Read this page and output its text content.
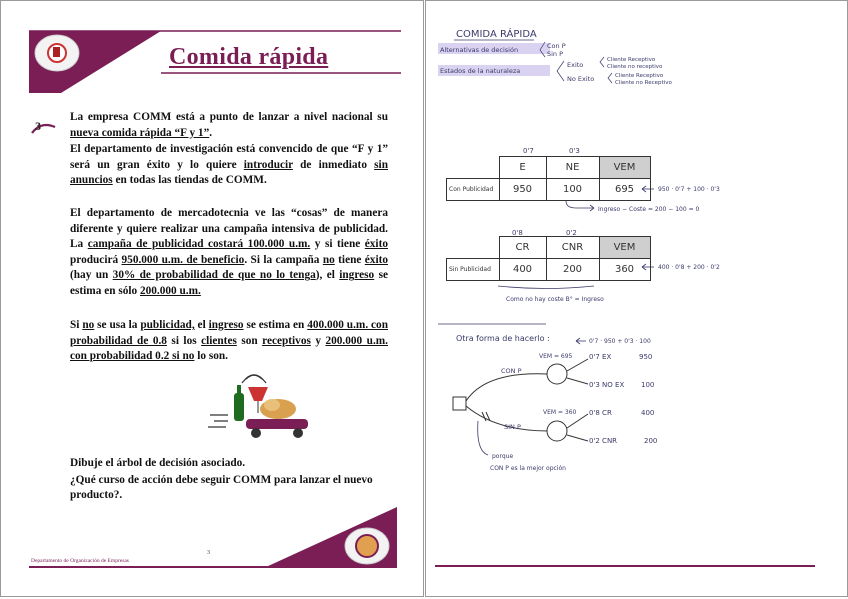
Comida rápida
3
La empresa COMM está a punto de lanzar a nivel nacional su nueva comida rápida “F y 1”.
El departamento de investigación está convencido de que “F y 1” será un gran éxito y lo quiere introducir de inmediato sin anuncios en todas las tiendas de COMM.
El departamento de mercadotecnia ve las “cosas” de manera diferente y quiere realizar una campaña intensiva de publicidad. La campaña de publicidad costará 100.000 u.m. y si tiene éxito producirá 950.000 u.m. de beneficio. Si la campaña no tiene éxito (hay un 30% de probabilidad de que no lo tenga), el ingreso se estima en sólo 200.000 u.m.
Si no se usa la publicidad, el ingreso se estima en 400.000 u.m. con probabilidad de 0.8 si los clientes son receptivos y 200.000 u.m. con probabilidad 0.2 si no lo son.
Dibuje el árbol de decisión asociado.
¿Qué curso de acción debe seguir COMM para lanzar el nuevo producto?.
3
Departamento de Organización de Empresas
COMIDA RÁPIDA
Alternativas de decisión	Con P
Sin P
Estados de la naturaleza
Exito
No Exito
Cliente Receptivo
Cliente no receptivo
Cliente Receptivo
Cliente no Receptivo
0'7	0'3
950 · 0'7 + 100 · 0'3
Ingreso − Coste = 200 − 100 = 0
0'8	0'2
400 · 0'8 + 200 · 0'2
Como no hay coste B° = Ingreso
Otra forma de hacerlo :	0'7 · 950 + 0'3 · 100
CON P
SIN P
VEM = 695
VEM = 360
0'7 EX	950
0'3 NO EX 100
0'8 CR	400
0'2 CNR	200
porque
CON P es la mejor opción
	E	NE	VEM
Con Publicidad	950	100	695
	CR	CNR	VEM
Sin Publicidad	400	200	360
